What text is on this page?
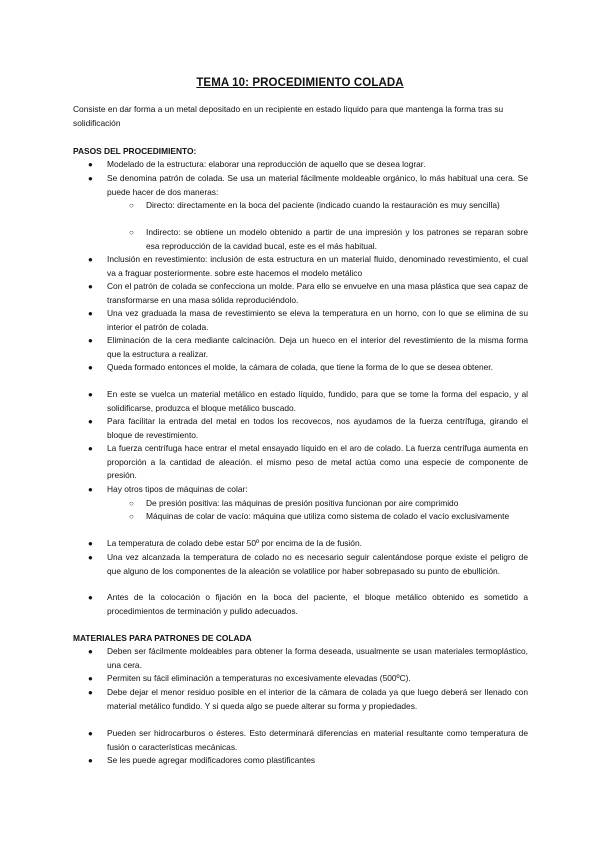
TEMA 10: PROCEDIMIENTO COLADA
Consiste en dar forma a un metal depositado en un recipiente en estado líquido para que mantenga la forma tras su solidificación
PASOS DEL PROCEDIMIENTO:
● Modelado de la estructura: elaborar una reproducción de aquello que se desea lograr.
● Se denomina patrón de colada. Se usa un material fácilmente moldeable orgánico, lo más habitual una cera. Se puede hacer de dos maneras:
○ Directo: directamente en la boca del paciente (indicado cuando la restauración es muy sencilla)
○ Indirecto: se obtiene un modelo obtenido a partir de una impresión y los patrones se reparan sobre esa reproducción de la cavidad bucal, este es el más habitual.
● Inclusión en revestimiento: inclusión de esta estructura en un material fluido, denominado revestimiento, el cual va a fraguar posteriormente. sobre este hacemos el modelo metálico
● Con el patrón de colada se confecciona un molde. Para ello se envuelve en una masa plástica que sea capaz de transformarse en una masa sólida reproduciéndolo.
● Una vez graduada la masa de revestimiento se eleva la temperatura en un horno, con lo que se elimina de su interior el patrón de colada.
● Eliminación de la cera mediante calcinación. Deja un hueco en el interior del revestimiento de la misma forma que la estructura a realizar.
● Queda formado entonces el molde, la cámara de colada, que tiene la forma de lo que se desea obtener.
● En este se vuelca un material metálico en estado líquido, fundido, para que se tome la forma del espacio, y al solidificarse, produzca el bloque metálico buscado.
● Para facilitar la entrada del metal en todos los recovecos, nos ayudamos de la fuerza centrífuga, girando el bloque de revestimiento.
● La fuerza centrífuga hace entrar el metal ensayado líquido en el aro de colado. La fuerza centrífuga aumenta en proporción a la cantidad de aleación. el mismo peso de metal actúa como una especie de componente de presión.
● Hay otros tipos de máquinas de colar:
○ De presión positiva: las máquinas de presión positiva funcionan por aire comprimido
○ Máquinas de colar de vacío: máquina que utiliza como sistema de colado el vacío exclusivamente
● La temperatura de colado debe estar 50º por encima de la de fusión.
● Una vez alcanzada la temperatura de colado no es necesario seguir calentándose porque existe el peligro de que alguno de los componentes de la aleación se volatilice por haber sobrepasado su punto de ebullición.
● Antes de la colocación o fijación en la boca del paciente, el bloque metálico obtenido es sometido a procedimientos de terminación y pulido adecuados.
MATERIALES PARA PATRONES DE COLADA
● Deben ser fácilmente moldeables para obtener la forma deseada, usualmente se usan materiales termoplástico, una cera.
● Permiten su fácil eliminación a temperaturas no excesivamente elevadas (500ºC).
● Debe dejar el menor residuo posible en el interior de la cámara de colada ya que luego deberá ser llenado con material metálico fundido. Y si queda algo se puede alterar su forma y propiedades.
● Pueden ser hidrocarburos o ésteres. Esto determinará diferencias en material resultante como temperatura de fusión o características mecánicas.
● Se les puede agregar modificadores como plastificantes
